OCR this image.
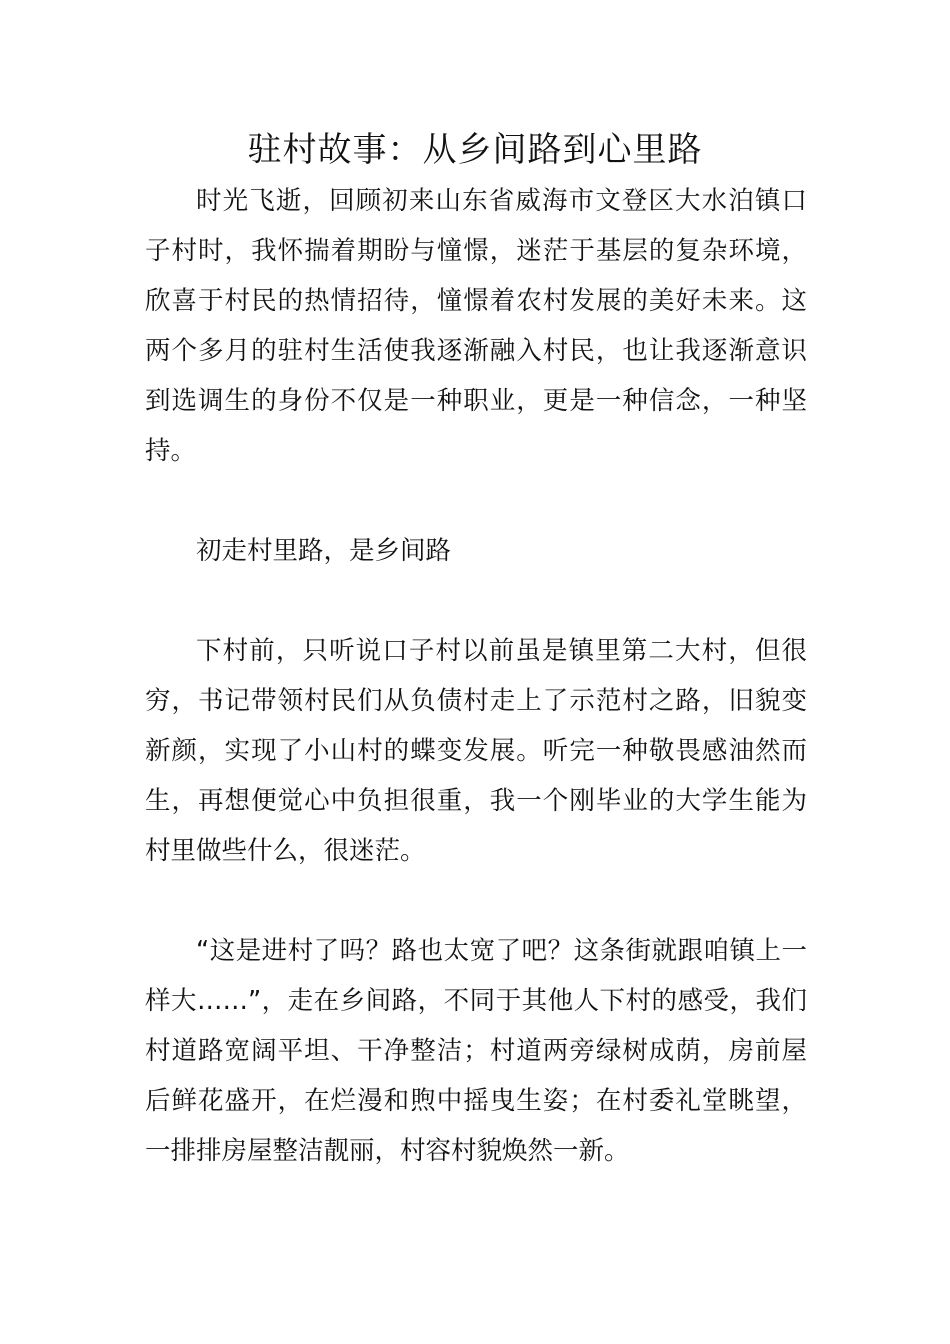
驻村故事：从乡间路到心里路

时光飞逝，回顾初来山东省威海市文登区大水泊镇口子村时，我怀揣着期盼与憧憬，迷茫于基层的复杂环境，欣喜于村民的热情招待，憧憬着农村发展的美好未来。这两个多月的驻村生活使我逐渐融入村民，也让我逐渐意识到选调生的身份不仅是一种职业，更是一种信念，一种坚持。

初走村里路，是乡间路

下村前，只听说口子村以前虽是镇里第二大村，但很穷，书记带领村民们从负债村走上了示范村之路，旧貌变新颜，实现了小山村的蝶变发展。听完一种敬畏感油然而生，再想便觉心中负担很重，我一个刚毕业的大学生能为村里做些什么，很迷茫。

“这是进村了吗？路也太宽了吧？这条街就跟咱镇上一样大……”，走在乡间路，不同于其他人下村的感受，我们村道路宽阔平坦、干净整洁；村道两旁绿树成荫，房前屋后鲜花盛开，在烂漫和煦中摇曳生姿；在村委礼堂眺望，一排排房屋整洁靓丽，村容村貌焕然一新。
